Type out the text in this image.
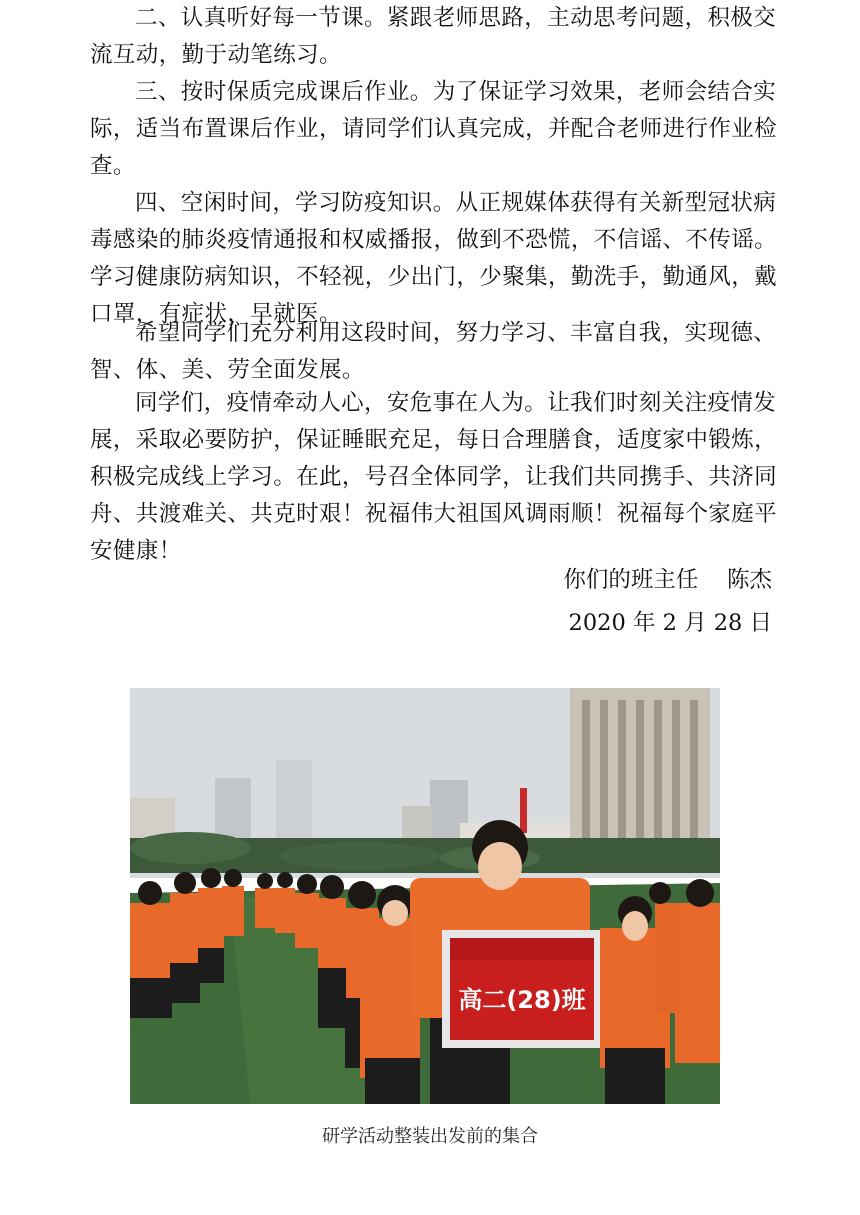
二、认真听好每一节课。紧跟老师思路，主动思考问题，积极交流互动，勤于动笔练习。

三、按时保质完成课后作业。为了保证学习效果，老师会结合实际，适当布置课后作业，请同学们认真完成，并配合老师进行作业检查。

四、空闲时间，学习防疫知识。从正规媒体获得有关新型冠状病毒感染的肺炎疫情通报和权威播报，做到不恐慌，不信谣、不传谣。学习健康防病知识，不轻视，少出门，少聚集，勤洗手，勤通风，戴口罩，有症状，早就医。

希望同学们充分利用这段时间，努力学习、丰富自我，实现德、智、体、美、劳全面发展。

同学们，疫情牵动人心，安危事在人为。让我们时刻关注疫情发展，采取必要防护，保证睡眠充足，每日合理膳食，适度家中锻炼，积极完成线上学习。在此，号召全体同学，让我们共同携手、共济同舟、共渡难关、共克时艰！祝福伟大祖国风调雨顺！祝福每个家庭平安健康！

你们的班主任    陈杰
2020 年 2 月 28 日
高二(28)班
研学活动整装出发前的集合
